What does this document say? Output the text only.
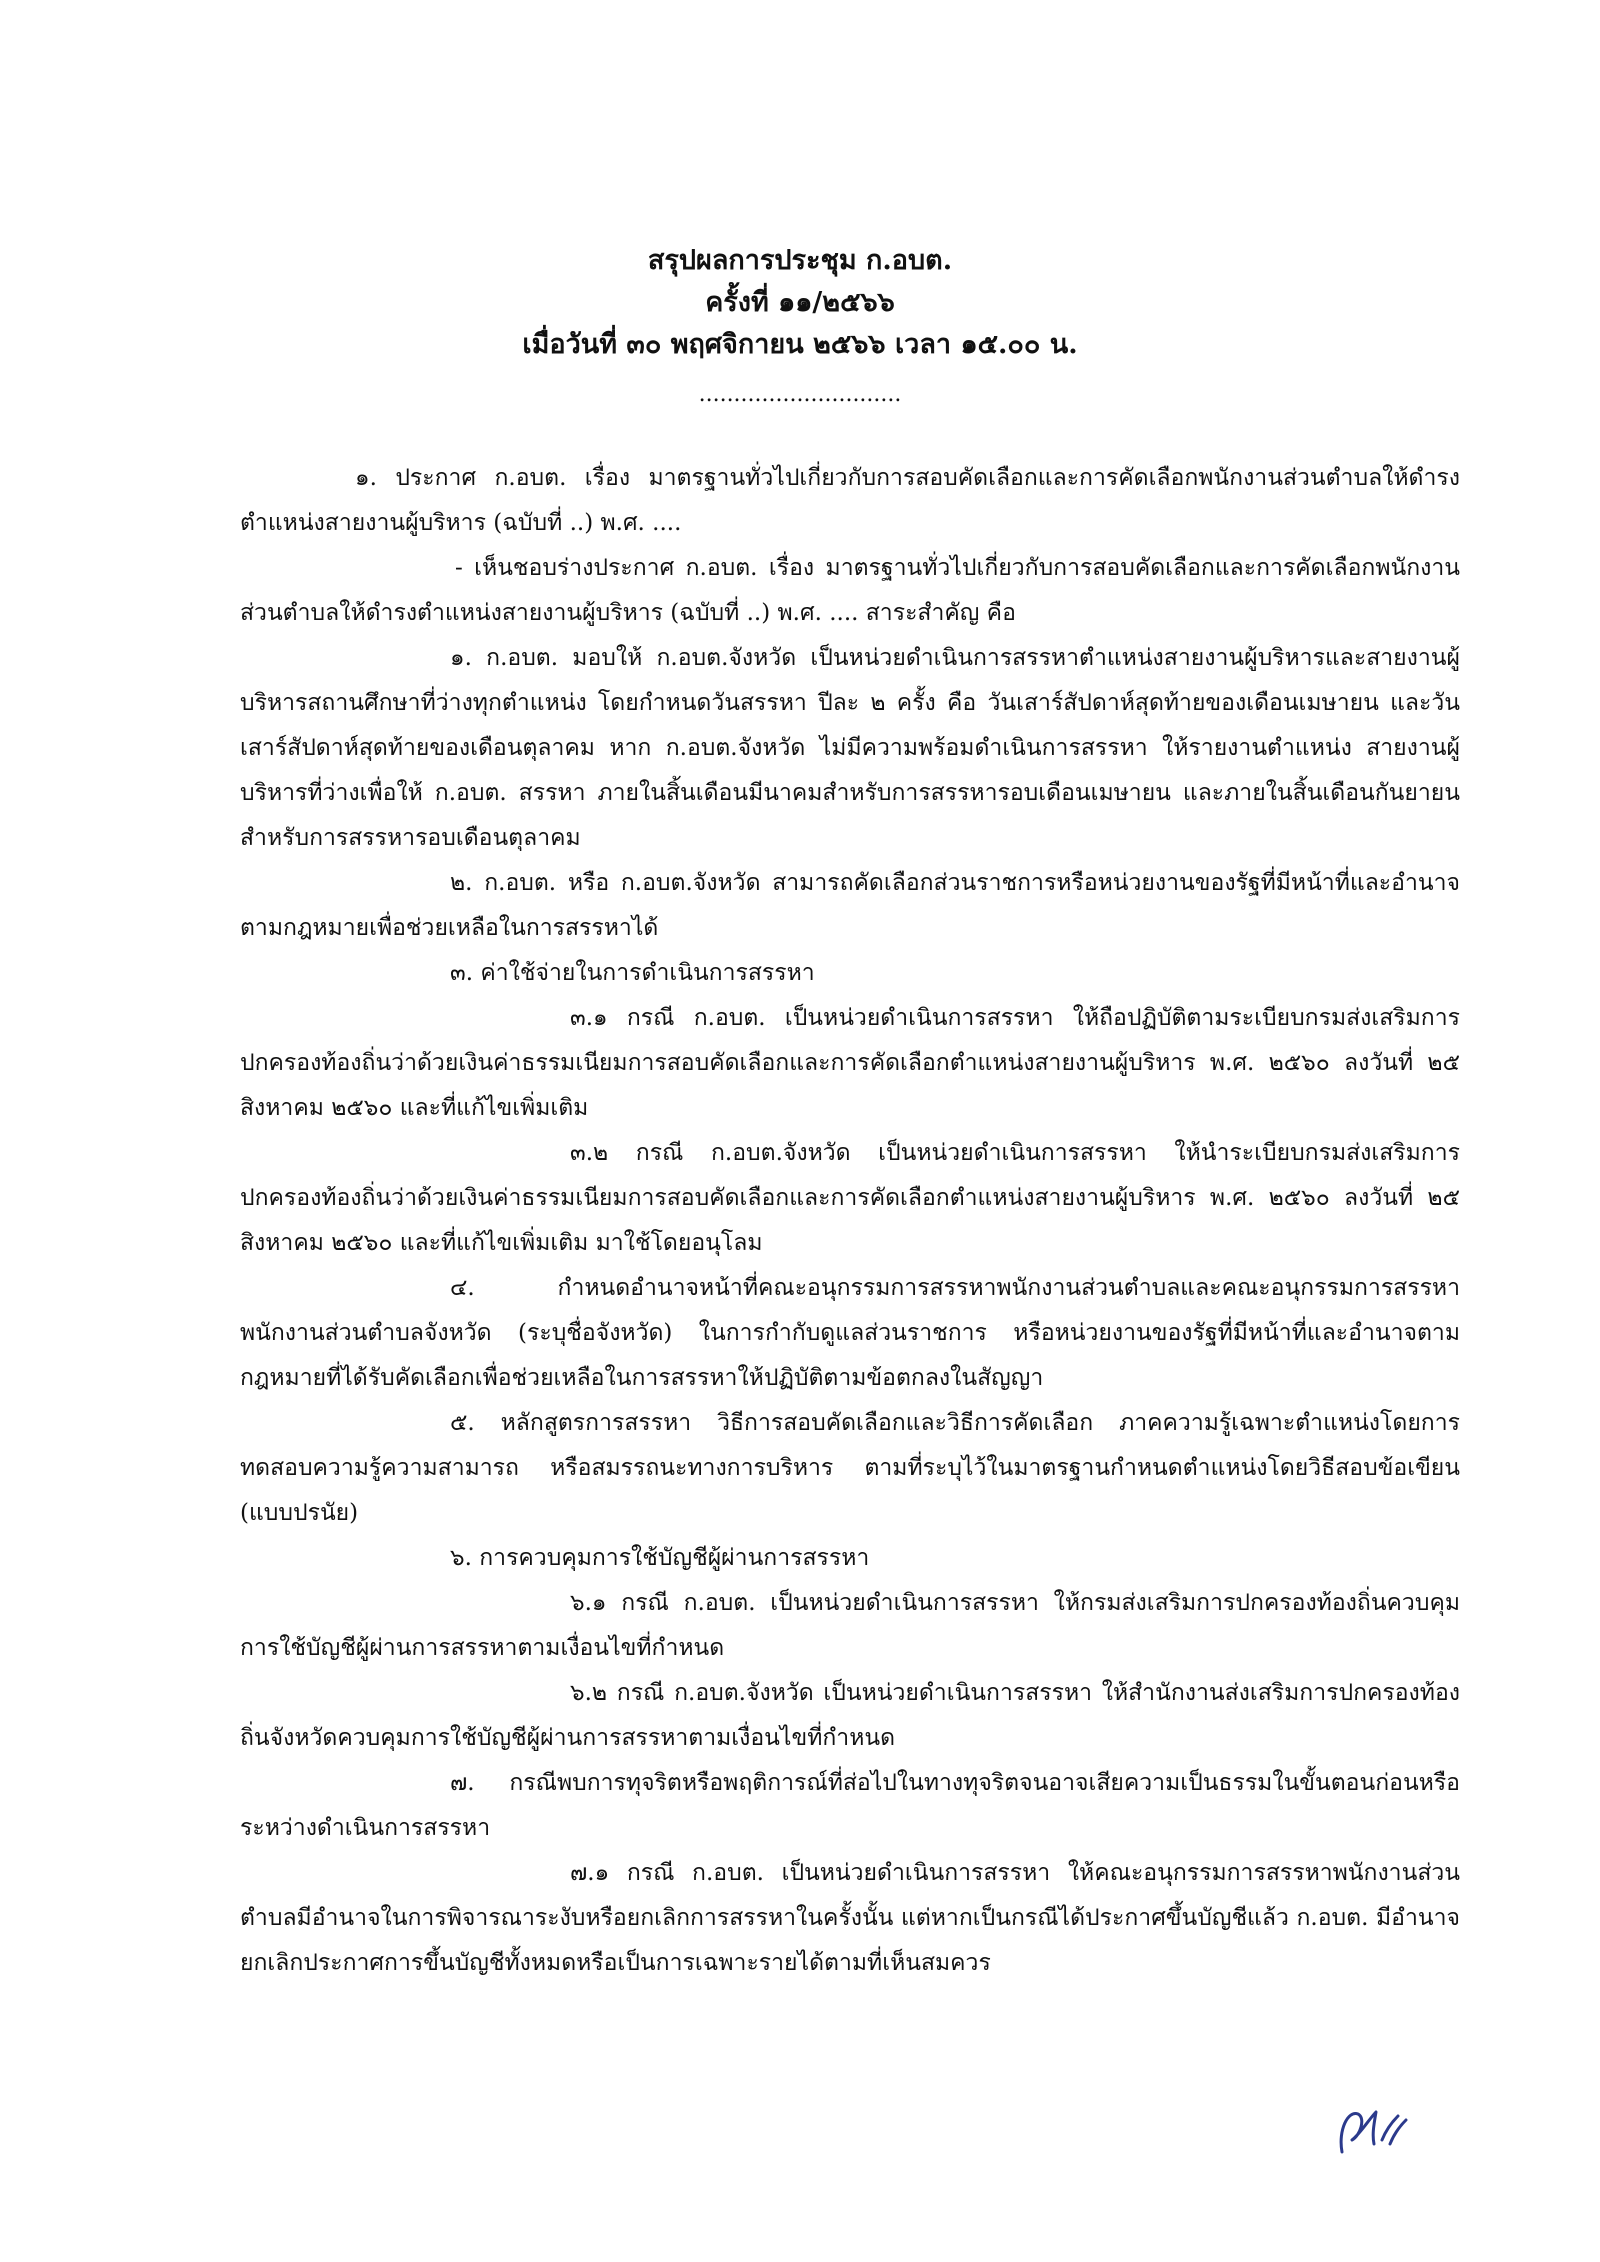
สรุปผลการประชุม ก.อบต.
ครั้งที่ ๑๑/๒๕๖๖
เมื่อวันที่ ๓๐ พฤศจิกายน ๒๕๖๖ เวลา ๑๕.๐๐ น.
.............................

๑. ประกาศ ก.อบต. เรื่อง มาตรฐานทั่วไปเกี่ยวกับการสอบคัดเลือกและการคัดเลือกพนักงานส่วนตำบลให้ดำรงตำแหน่งสายงานผู้บริหาร (ฉบับที่ ..) พ.ศ. ....

- เห็นชอบร่างประกาศ ก.อบต. เรื่อง มาตรฐานทั่วไปเกี่ยวกับการสอบคัดเลือกและการคัดเลือกพนักงานส่วนตำบลให้ดำรงตำแหน่งสายงานผู้บริหาร (ฉบับที่ ..) พ.ศ. .... สาระสำคัญ คือ

๑. ก.อบต. มอบให้ ก.อบต.จังหวัด เป็นหน่วยดำเนินการสรรหาตำแหน่งสายงานผู้บริหารและสายงานผู้บริหารสถานศึกษาที่ว่างทุกตำแหน่ง โดยกำหนดวันสรรหา ปีละ ๒ ครั้ง คือ วันเสาร์สัปดาห์สุดท้ายของเดือนเมษายน และวันเสาร์สัปดาห์สุดท้ายของเดือนตุลาคม หาก ก.อบต.จังหวัด ไม่มีความพร้อมดำเนินการสรรหา ให้รายงานตำแหน่ง สายงานผู้บริหารที่ว่างเพื่อให้ ก.อบต. สรรหา ภายในสิ้นเดือนมีนาคมสำหรับการสรรหารอบเดือนเมษายน และภายในสิ้นเดือนกันยายนสำหรับการสรรหารอบเดือนตุลาคม

๒. ก.อบต. หรือ ก.อบต.จังหวัด สามารถคัดเลือกส่วนราชการหรือหน่วยงานของรัฐที่มีหน้าที่และอำนาจตามกฎหมายเพื่อช่วยเหลือในการสรรหาได้

๓. ค่าใช้จ่ายในการดำเนินการสรรหา

๓.๑ กรณี ก.อบต. เป็นหน่วยดำเนินการสรรหา ให้ถือปฏิบัติตามระเบียบกรมส่งเสริมการปกครองท้องถิ่นว่าด้วยเงินค่าธรรมเนียมการสอบคัดเลือกและการคัดเลือกตำแหน่งสายงานผู้บริหาร พ.ศ. ๒๕๖๐ ลงวันที่ ๒๕ สิงหาคม ๒๕๖๐ และที่แก้ไขเพิ่มเติม

๓.๒ กรณี ก.อบต.จังหวัด เป็นหน่วยดำเนินการสรรหา ให้นำระเบียบกรมส่งเสริมการปกครองท้องถิ่นว่าด้วยเงินค่าธรรมเนียมการสอบคัดเลือกและการคัดเลือกตำแหน่งสายงานผู้บริหาร พ.ศ. ๒๕๖๐ ลงวันที่ ๒๕ สิงหาคม ๒๕๖๐ และที่แก้ไขเพิ่มเติม มาใช้โดยอนุโลม

๔. กำหนดอำนาจหน้าที่คณะอนุกรรมการสรรหาพนักงานส่วนตำบลและคณะอนุกรรมการสรรหาพนักงานส่วนตำบลจังหวัด (ระบุชื่อจังหวัด) ในการกำกับดูแลส่วนราชการ หรือหน่วยงานของรัฐที่มีหน้าที่และอำนาจตามกฎหมายที่ได้รับคัดเลือกเพื่อช่วยเหลือในการสรรหาให้ปฏิบัติตามข้อตกลงในสัญญา

๕. หลักสูตรการสรรหา วิธีการสอบคัดเลือกและวิธีการคัดเลือก ภาคความรู้เฉพาะตำแหน่งโดยการทดสอบความรู้ความสามารถ หรือสมรรถนะทางการบริหาร ตามที่ระบุไว้ในมาตรฐานกำหนดตำแหน่งโดยวิธีสอบข้อเขียน (แบบปรนัย)

๖. การควบคุมการใช้บัญชีผู้ผ่านการสรรหา

๖.๑ กรณี ก.อบต. เป็นหน่วยดำเนินการสรรหา ให้กรมส่งเสริมการปกครองท้องถิ่นควบคุมการใช้บัญชีผู้ผ่านการสรรหาตามเงื่อนไขที่กำหนด

๖.๒ กรณี ก.อบต.จังหวัด เป็นหน่วยดำเนินการสรรหา ให้สำนักงานส่งเสริมการปกครองท้องถิ่นจังหวัดควบคุมการใช้บัญชีผู้ผ่านการสรรหาตามเงื่อนไขที่กำหนด

๗. กรณีพบการทุจริตหรือพฤติการณ์ที่ส่อไปในทางทุจริตจนอาจเสียความเป็นธรรมในขั้นตอนก่อนหรือระหว่างดำเนินการสรรหา

๗.๑ กรณี ก.อบต. เป็นหน่วยดำเนินการสรรหา ให้คณะอนุกรรมการสรรหาพนักงานส่วนตำบลมีอำนาจในการพิจารณาระงับหรือยกเลิกการสรรหาในครั้งนั้น แต่หากเป็นกรณีได้ประกาศขึ้นบัญชีแล้ว ก.อบต. มีอำนาจยกเลิกประกาศการขึ้นบัญชีทั้งหมดหรือเป็นการเฉพาะรายได้ตามที่เห็นสมควร
